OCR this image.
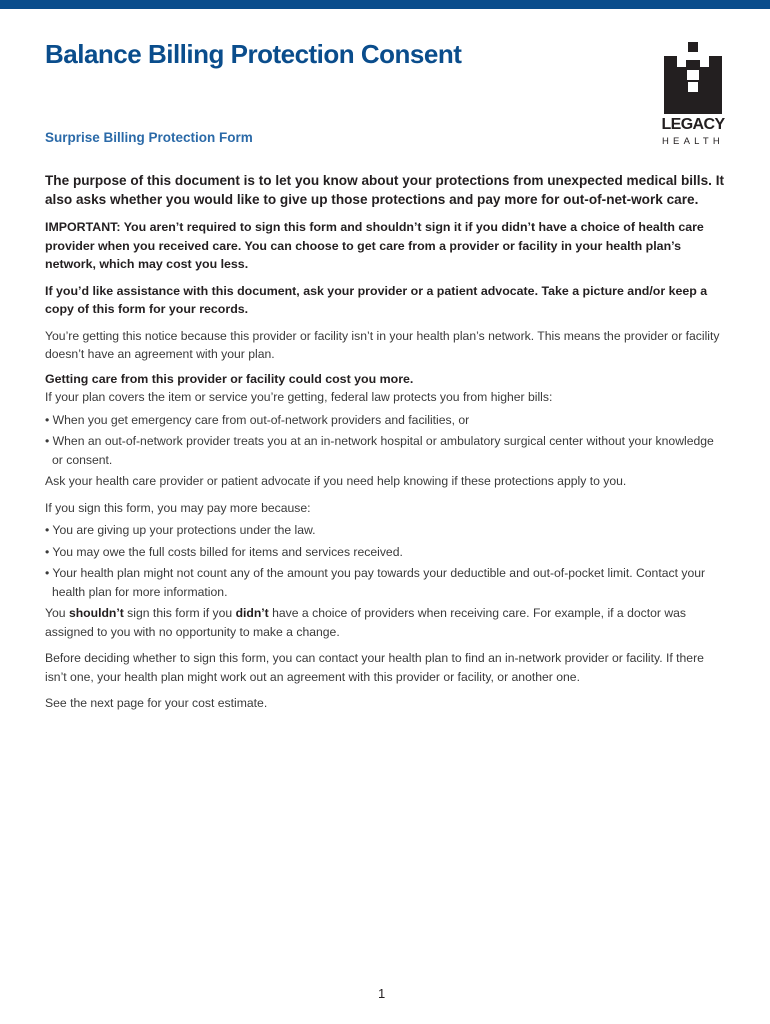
Balance Billing Protection Consent
Surprise Billing Protection Form
LEGACY
HEALTH

The purpose of this document is to let you know about your protections from unexpected medical bills. It also asks whether you would like to give up those protections and pay more for out-of-net-work care.

IMPORTANT: You aren’t required to sign this form and shouldn’t sign it if you didn’t have a choice of health care provider when you received care. You can choose to get care from a provider or facility in your health plan’s network, which may cost you less.

If you’d like assistance with this document, ask your provider or a patient advocate. Take a picture and/or keep a copy of this form for your records.

You’re getting this notice because this provider or facility isn’t in your health plan’s network. This means the provider or facility doesn’t have an agreement with your plan.

Getting care from this provider or facility could cost you more.

If your plan covers the item or service you’re getting, federal law protects you from higher bills:

• When you get emergency care from out-of-network providers and facilities, or

• When an out-of-network provider treats you at an in-network hospital or ambulatory surgical center without your knowledge or consent.

Ask your health care provider or patient advocate if you need help knowing if these protections apply to you.

If you sign this form, you may pay more because:

• You are giving up your protections under the law.

• You may owe the full costs billed for items and services received.

• Your health plan might not count any of the amount you pay towards your deductible and out-of-pocket limit. Contact your health plan for more information.

You shouldn’t sign this form if you didn’t have a choice of providers when receiving care. For example, if a doctor was assigned to you with no opportunity to make a change.

Before deciding whether to sign this form, you can contact your health plan to find an in-network provider or facility. If there isn’t one, your health plan might work out an agreement with this provider or facility, or another one.

See the next page for your cost estimate.

1
